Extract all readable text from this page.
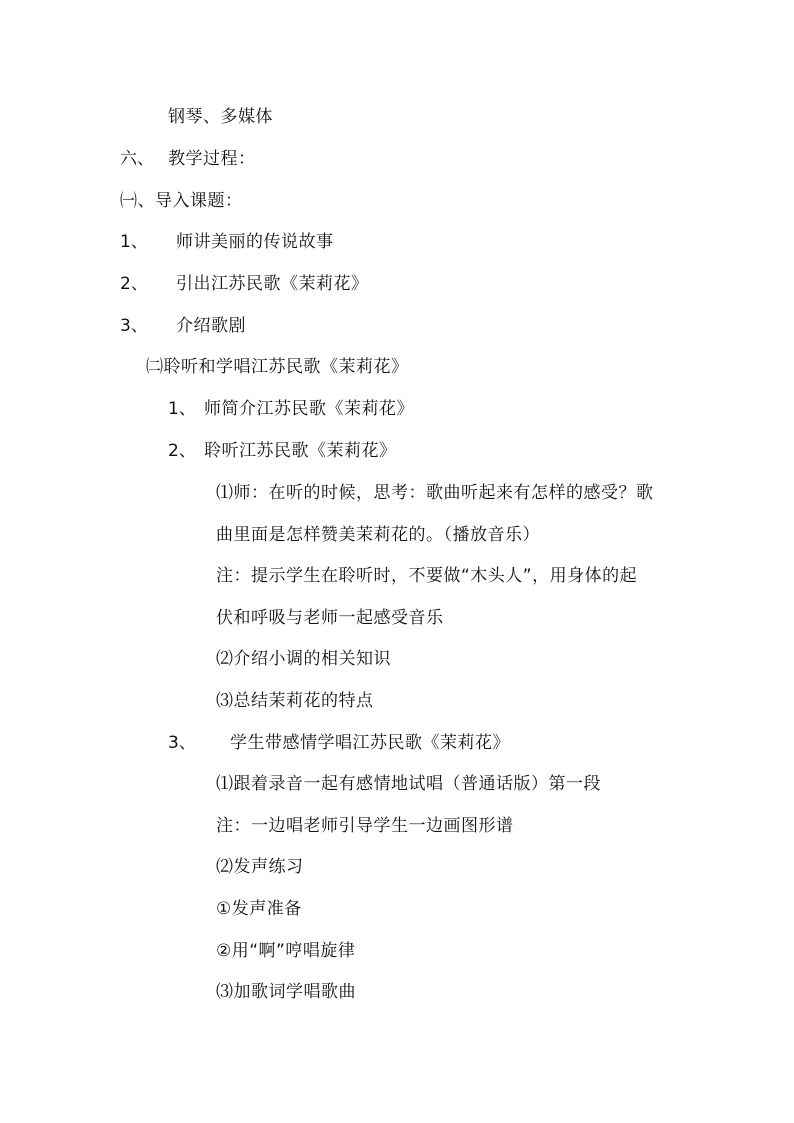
钢琴、多媒体
六、 教学过程：
㈠、导入课题：
1、 师讲美丽的传说故事
2、 引出江苏民歌《茉莉花》
3、 介绍歌剧
㈡聆听和学唱江苏民歌《茉莉花》
1、 师简介江苏民歌《茉莉花》
2、 聆听江苏民歌《茉莉花》
⑴师：在听的时候，思考：歌曲听起来有怎样的感受？歌
曲里面是怎样赞美茉莉花的。（播放音乐）
注：提示学生在聆听时，不要做“木头人”，用身体的起
伏和呼吸与老师一起感受音乐
⑵介绍小调的相关知识
⑶总结茉莉花的特点
3、 学生带感情学唱江苏民歌《茉莉花》
⑴跟着录音一起有感情地试唱（普通话版）第一段
注：一边唱老师引导学生一边画图形谱
⑵发声练习
①发声准备
②用“啊”哼唱旋律
⑶加歌词学唱歌曲
